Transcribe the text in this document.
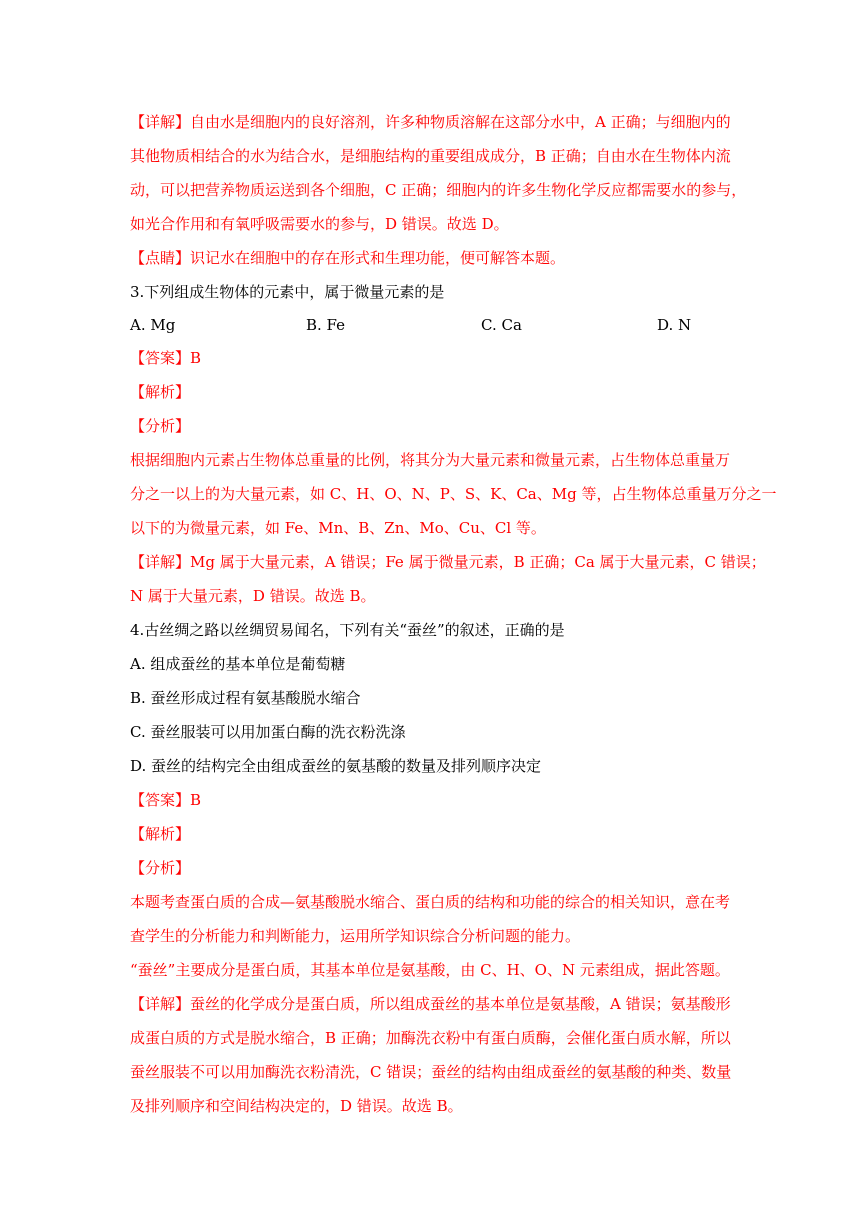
【详解】自由水是细胞内的良好溶剂，许多种物质溶解在这部分水中，A 正确；与细胞内的
其他物质相结合的水为结合水，是细胞结构的重要组成成分，B 正确；自由水在生物体内流
动，可以把营养物质运送到各个细胞，C 正确；细胞内的许多生物化学反应都需要水的参与，
如光合作用和有氧呼吸需要水的参与，D 错误。故选 D。
【点睛】识记水在细胞中的存在形式和生理功能，便可解答本题。
3.下列组成生物体的元素中，属于微量元素的是
A. Mg	B. Fe	C. Ca	D. N
【答案】B
【解析】
【分析】
根据细胞内元素占生物体总重量的比例，将其分为大量元素和微量元素，占生物体总重量万
分之一以上的为大量元素，如 C、H、O、N、P、S、K、Ca、Mg 等，占生物体总重量万分之一
以下的为微量元素，如 Fe、Mn、B、Zn、Mo、Cu、Cl 等。
【详解】Mg 属于大量元素，A 错误；Fe 属于微量元素，B 正确；Ca 属于大量元素，C 错误；
N 属于大量元素，D 错误。故选 B。
4.古丝绸之路以丝绸贸易闻名，下列有关“蚕丝”的叙述，正确的是
A. 组成蚕丝的基本单位是葡萄糖
B. 蚕丝形成过程有氨基酸脱水缩合
C. 蚕丝服装可以用加蛋白酶的洗衣粉洗涤
D. 蚕丝的结构完全由组成蚕丝的氨基酸的数量及排列顺序决定
【答案】B
【解析】
【分析】
本题考查蛋白质的合成—氨基酸脱水缩合、蛋白质的结构和功能的综合的相关知识，意在考
查学生的分析能力和判断能力，运用所学知识综合分析问题的能力。
“蚕丝”主要成分是蛋白质，其基本单位是氨基酸，由 C、H、O、N 元素组成，据此答题。
【详解】蚕丝的化学成分是蛋白质，所以组成蚕丝的基本单位是氨基酸，A 错误；氨基酸形
成蛋白质的方式是脱水缩合，B 正确；加酶洗衣粉中有蛋白质酶，会催化蛋白质水解，所以
蚕丝服装不可以用加酶洗衣粉清洗，C 错误；蚕丝的结构由组成蚕丝的氨基酸的种类、数量
及排列顺序和空间结构决定的，D 错误。故选 B。
